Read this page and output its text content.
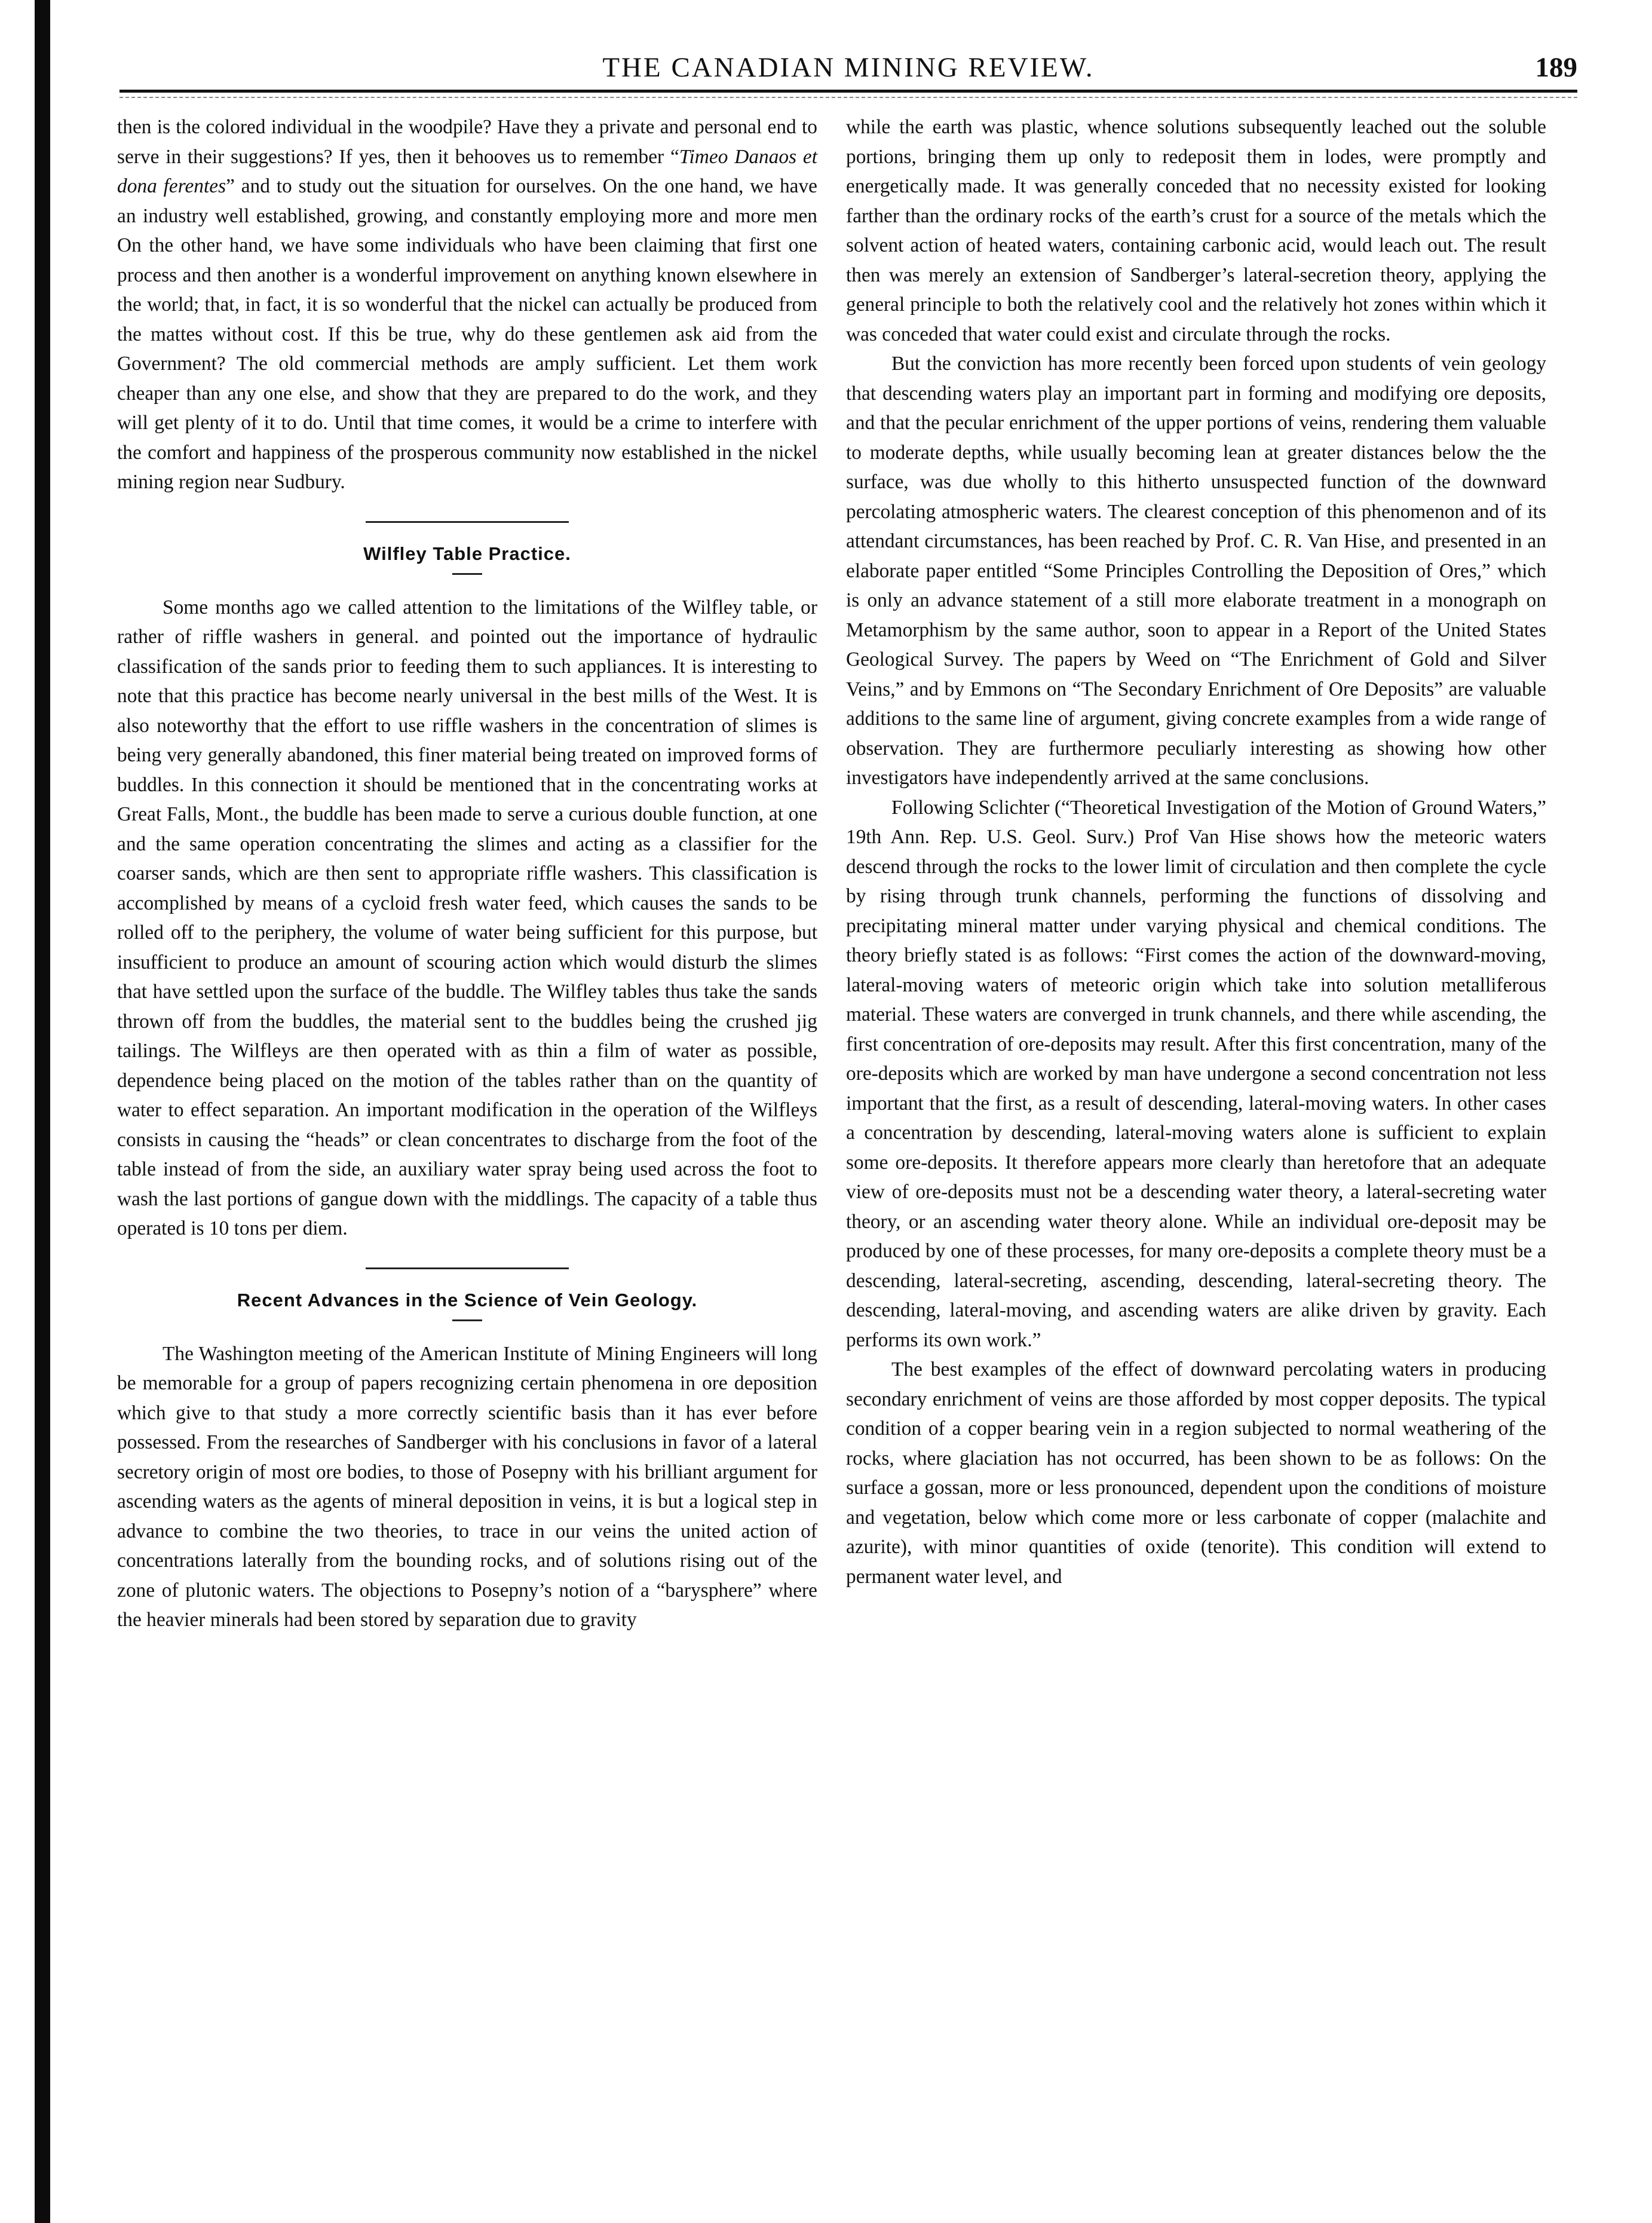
THE CANADIAN MINING REVIEW.	189

then is the colored individual in the woodpile? Have they a private and personal end to serve in their suggestions? If yes, then it behooves us to remember “Timeo Danaos et dona ferentes” and to study out the situation for ourselves. On the one hand, we have an industry well established, growing, and constantly employing more and more men On the other hand, we have some individuals who have been claiming that first one process and then another is a wonderful improvement on anything known elsewhere in the world; that, in fact, it is so wonderful that the nickel can actually be produced from the mattes without cost. If this be true, why do these gentlemen ask aid from the Government? The old commercial methods are amply sufficient. Let them work cheaper than any one else, and show that they are prepared to do the work, and they will get plenty of it to do. Until that time comes, it would be a crime to interfere with the comfort and happiness of the prosperous community now established in the nickel mining region near Sudbury.

Wilfley Table Practice.

Some months ago we called attention to the limitations of the Wilfley table, or rather of riffle washers in general. and pointed out the importance of hydraulic classification of the sands prior to feeding them to such appliances. It is interesting to note that this practice has become nearly universal in the best mills of the West. It is also noteworthy that the effort to use riffle washers in the concentration of slimes is being very generally abandoned, this finer material being treated on improved forms of buddles. In this connection it should be mentioned that in the concentrating works at Great Falls, Mont., the buddle has been made to serve a curious double function, at one and the same operation concentrating the slimes and acting as a classifier for the coarser sands, which are then sent to appropriate riffle washers. This classification is accomplished by means of a cycloid fresh water feed, which causes the sands to be rolled off to the periphery, the volume of water being sufficient for this purpose, but insufficient to produce an amount of scouring action which would disturb the slimes that have settled upon the surface of the buddle. The Wilfley tables thus take the sands thrown off from the buddles, the material sent to the buddles being the crushed jig tailings. The Wilfleys are then operated with as thin a film of water as possible, dependence being placed on the motion of the tables rather than on the quantity of water to effect separation. An important modification in the operation of the Wilfleys consists in causing the “heads” or clean concentrates to discharge from the foot of the table instead of from the side, an auxiliary water spray being used across the foot to wash the last portions of gangue down with the middlings. The capacity of a table thus operated is 10 tons per diem.

Recent Advances in the Science of Vein Geology.

The Washington meeting of the American Institute of Mining Engineers will long be memorable for a group of papers recognizing certain phenomena in ore deposition which give to that study a more correctly scientific basis than it has ever before possessed. From the researches of Sandberger with his conclusions in favor of a lateral secretory origin of most ore bodies, to those of Posepny with his brilliant argument for ascending waters as the agents of mineral deposition in veins, it is but a logical step in advance to combine the two theories, to trace in our veins the united action of concentrations laterally from the bounding rocks, and of solutions rising out of the zone of plutonic waters. The objections to Posepny’s notion of a “barysphere” where the heavier minerals had been stored by separation due to gravity

while the earth was plastic, whence solutions subsequently leached out the soluble portions, bringing them up only to redeposit them in lodes, were promptly and energetically made. It was generally conceded that no necessity existed for looking farther than the ordinary rocks of the earth’s crust for a source of the metals which the solvent action of heated waters, containing carbonic acid, would leach out. The result then was merely an extension of Sandberger’s lateral-secretion theory, applying the general principle to both the relatively cool and the relatively hot zones within which it was conceded that water could exist and circulate through the rocks.

But the conviction has more recently been forced upon students of vein geology that descending waters play an important part in forming and modifying ore deposits, and that the pecular enrichment of the upper portions of veins, rendering them valuable to moderate depths, while usually becoming lean at greater distances below the the surface, was due wholly to this hitherto unsuspected function of the downward percolating atmospheric waters. The clearest conception of this phenomenon and of its attendant circumstances, has been reached by Prof. C. R. Van Hise, and presented in an elaborate paper entitled “Some Principles Controlling the Deposition of Ores,” which is only an advance statement of a still more elaborate treatment in a monograph on Metamorphism by the same author, soon to appear in a Report of the United States Geological Survey. The papers by Weed on “The Enrichment of Gold and Silver Veins,” and by Emmons on “The Secondary Enrichment of Ore Deposits” are valuable additions to the same line of argument, giving concrete examples from a wide range of observation. They are furthermore peculiarly interesting as showing how other investigators have independently arrived at the same conclusions.

Following Sclichter (“Theoretical Investigation of the Motion of Ground Waters,” 19th Ann. Rep. U.S. Geol. Surv.) Prof Van Hise shows how the meteoric waters descend through the rocks to the lower limit of circulation and then complete the cycle by rising through trunk channels, performing the functions of dissolving and precipitating mineral matter under varying physical and chemical conditions. The theory briefly stated is as follows: “First comes the action of the downward-moving, lateral-moving waters of meteoric origin which take into solution metalliferous material. These waters are converged in trunk channels, and there while ascending, the first concentration of ore-deposits may result. After this first concentration, many of the ore-deposits which are worked by man have undergone a second concentration not less important that the first, as a result of descending, lateral-moving waters. In other cases a concentration by descending, lateral-moving waters alone is sufficient to explain some ore-deposits. It therefore appears more clearly than heretofore that an adequate view of ore-deposits must not be a descending water theory, a lateral-secreting water theory, or an ascending water theory alone. While an individual ore-deposit may be produced by one of these processes, for many ore-deposits a complete theory must be a descending, lateral-secreting, ascending, descending, lateral-secreting theory. The descending, lateral-moving, and ascending waters are alike driven by gravity. Each performs its own work.”

The best examples of the effect of downward percolating waters in producing secondary enrichment of veins are those afforded by most copper deposits. The typical condition of a copper bearing vein in a region subjected to normal weathering of the rocks, where glaciation has not occurred, has been shown to be as follows: On the surface a gossan, more or less pronounced, dependent upon the conditions of moisture and vegetation, below which come more or less carbonate of copper (malachite and azurite), with minor quantities of oxide (tenorite). This condition will extend to permanent water level, and
